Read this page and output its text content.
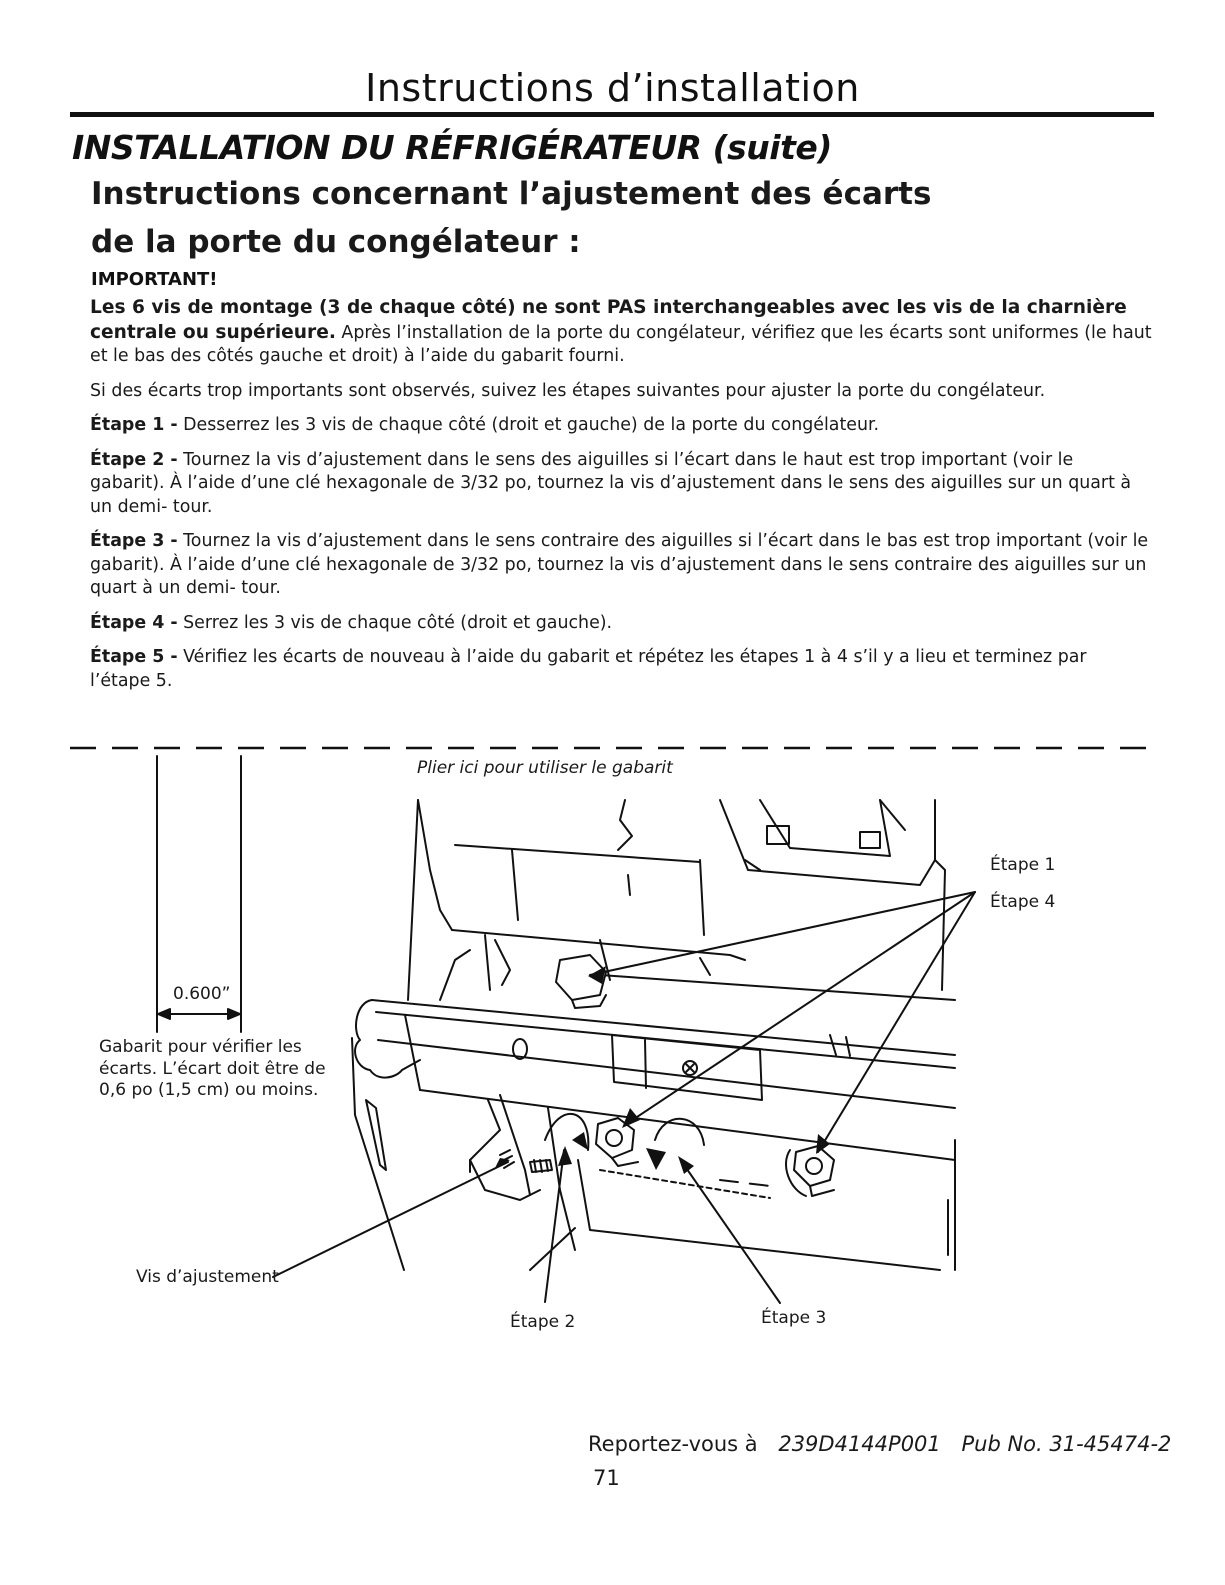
Instructions d’installation
INSTALLATION DU RÉFRIGÉRATEUR (suite)
Instructions concernant l’ajustement des écarts
de la porte du congélateur :
IMPORTANT!

Les 6 vis de montage (3 de chaque côté) ne sont PAS interchangeables avec les vis de la charnière centrale ou supérieure. Après l’installation de la porte du congélateur, vérifiez que les écarts sont uniformes (le haut et le bas des côtés gauche et droit) à l’aide du gabarit fourni.

Si des écarts trop importants sont observés, suivez les étapes suivantes pour ajuster la porte du congélateur.

Étape 1 - Desserrez les 3 vis de chaque côté (droit et gauche) de la porte du congélateur.

Étape 2 - Tournez la vis d’ajustement dans le sens des aiguilles si l’écart dans le haut est trop important (voir le gabarit). À l’aide d’une clé hexagonale de 3/32 po, tournez la vis d’ajustement dans le sens des aiguilles sur un quart à un demi- tour.

Étape 3 - Tournez la vis d’ajustement dans le sens contraire des aiguilles si l’écart dans le bas est trop important (voir le gabarit). À l’aide d’une clé hexagonale de 3/32 po, tournez la vis d’ajustement dans le sens contraire des aiguilles sur un quart à un demi- tour.

Étape 4 - Serrez les 3 vis de chaque côté (droit et gauche).

Étape 5 - Vérifiez les écarts de nouveau à l’aide du gabarit et répétez les étapes 1 à 4 s’il y a lieu et terminez par l’étape 5.

Plier ici pour utiliser le gabarit
0.600”
Gabarit pour vérifier les écarts. L’écart doit être de 0,6 po (1,5 cm) ou moins.
Étape 1
Étape 4
Vis d’ajustement
Étape 2	Étape 3
Reportez-vous à 239D4144P001 Pub No. 31-45474-2
71
